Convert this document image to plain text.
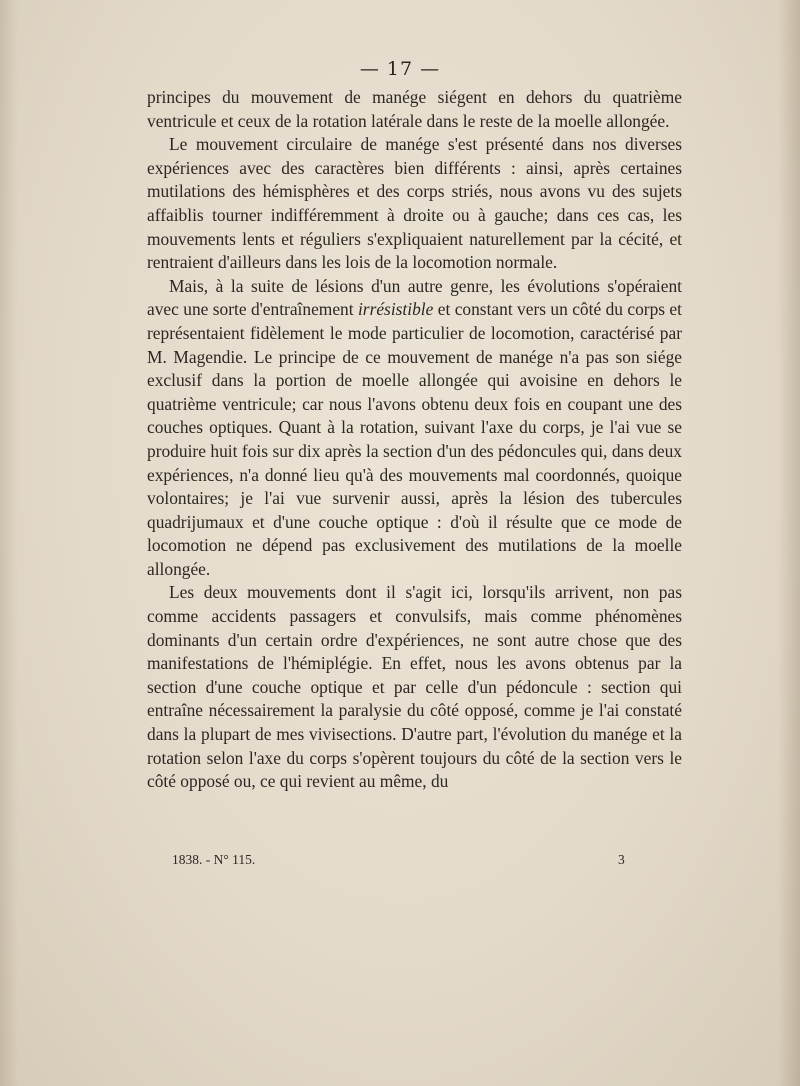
— 17 —

principes du mouvement de manége siégent en dehors du quatrième ventricule et ceux de la rotation latérale dans le reste de la moelle allongée.

Le mouvement circulaire de manége s'est présenté dans nos diverses expériences avec des caractères bien différents : ainsi, après certaines mutilations des hémisphères et des corps striés, nous avons vu des sujets affaiblis tourner indifféremment à droite ou à gauche; dans ces cas, les mouvements lents et réguliers s'expliquaient naturellement par la cécité, et rentraient d'ailleurs dans les lois de la locomotion normale.

Mais, à la suite de lésions d'un autre genre, les évolutions s'opéraient avec une sorte d'entraînement irrésistible et constant vers un côté du corps et représentaient fidèlement le mode particulier de locomotion, caractérisé par M. Magendie. Le principe de ce mouvement de manége n'a pas son siége exclusif dans la portion de moelle allongée qui avoisine en dehors le quatrième ventricule; car nous l'avons obtenu deux fois en coupant une des couches optiques. Quant à la rotation, suivant l'axe du corps, je l'ai vue se produire huit fois sur dix après la section d'un des pédoncules qui, dans deux expériences, n'a donné lieu qu'à des mouvements mal coordonnés, quoique volontaires; je l'ai vue survenir aussi, après la lésion des tubercules quadrijumaux et d'une couche optique : d'où il résulte que ce mode de locomotion ne dépend pas exclusivement des mutilations de la moelle allongée.

Les deux mouvements dont il s'agit ici, lorsqu'ils arrivent, non pas comme accidents passagers et convulsifs, mais comme phénomènes dominants d'un certain ordre d'expériences, ne sont autre chose que des manifestations de l'hémiplégie. En effet, nous les avons obtenus par la section d'une couche optique et par celle d'un pédoncule : section qui entraîne nécessairement la paralysie du côté opposé, comme je l'ai constaté dans la plupart de mes vivisections. D'autre part, l'évolution du manége et la rotation selon l'axe du corps s'opèrent toujours du côté de la section vers le côté opposé ou, ce qui revient au même, du

1838. - N° 115.	3
